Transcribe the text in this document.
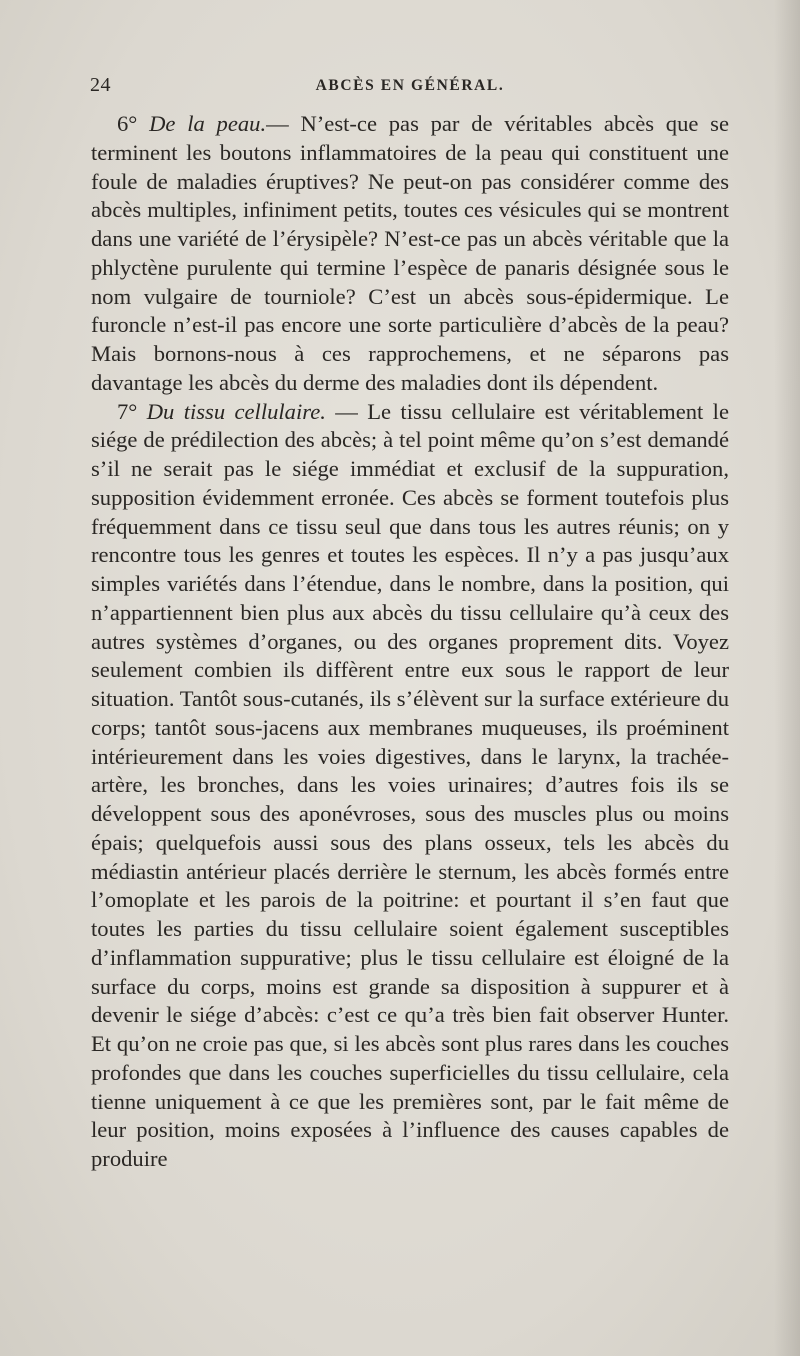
24	ABCÈS EN GÉNÉRAL.

6° De la peau.— N’est-ce pas par de véritables abcès que se terminent les boutons inflammatoires de la peau qui constituent une foule de maladies éruptives? Ne peut-on pas considérer comme des abcès multiples, infiniment petits, toutes ces vésicules qui se montrent dans une variété de l’érysipèle? N’est-ce pas un abcès véritable que la phlyctène purulente qui termine l’espèce de panaris désignée sous le nom vulgaire de tourniole? C’est un abcès sous-épidermique. Le furoncle n’est-il pas encore une sorte particulière d’abcès de la peau? Mais bornons-nous à ces rapprochemens, et ne séparons pas davantage les abcès du derme des maladies dont ils dépendent.

7° Du tissu cellulaire. — Le tissu cellulaire est véritablement le siége de prédilection des abcès; à tel point même qu’on s’est demandé s’il ne serait pas le siége immédiat et exclusif de la suppuration, supposition évidemment erronée. Ces abcès se forment toutefois plus fréquemment dans ce tissu seul que dans tous les autres réunis; on y rencontre tous les genres et toutes les espèces. Il n’y a pas jusqu’aux simples variétés dans l’étendue, dans le nombre, dans la position, qui n’appartiennent bien plus aux abcès du tissu cellulaire qu’à ceux des autres systèmes d’organes, ou des organes proprement dits. Voyez seulement combien ils diffèrent entre eux sous le rapport de leur situation. Tantôt sous-cutanés, ils s’élèvent sur la surface extérieure du corps; tantôt sous-jacens aux membranes muqueuses, ils proéminent intérieurement dans les voies digestives, dans le larynx, la trachée-artère, les bronches, dans les voies urinaires; d’autres fois ils se développent sous des aponévroses, sous des muscles plus ou moins épais; quelquefois aussi sous des plans osseux, tels les abcès du médiastin antérieur placés derrière le sternum, les abcès formés entre l’omoplate et les parois de la poitrine: et pourtant il s’en faut que toutes les parties du tissu cellulaire soient également susceptibles d’inflammation suppurative; plus le tissu cellulaire est éloigné de la surface du corps, moins est grande sa disposition à suppurer et à devenir le siége d’abcès: c’est ce qu’a très bien fait observer Hunter. Et qu’on ne croie pas que, si les abcès sont plus rares dans les couches profondes que dans les couches superficielles du tissu cellulaire, cela tienne uniquement à ce que les premières sont, par le fait même de leur position, moins exposées à l’influence des causes capables de produire
